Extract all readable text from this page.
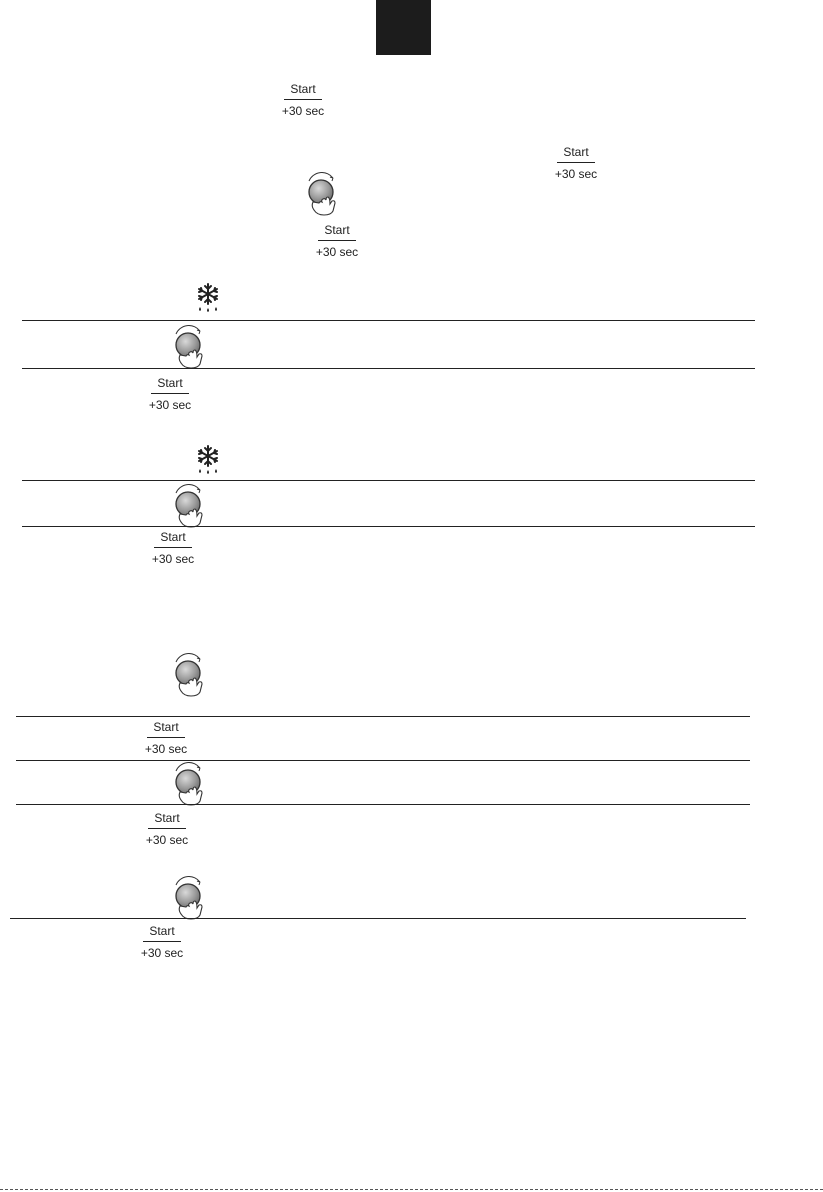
Start
+30 sec
Start
+30 sec
Start
+30 sec
Start
+30 sec
Start
+30 sec
Start
+30 sec
Start
+30 sec
Start
+30 sec
